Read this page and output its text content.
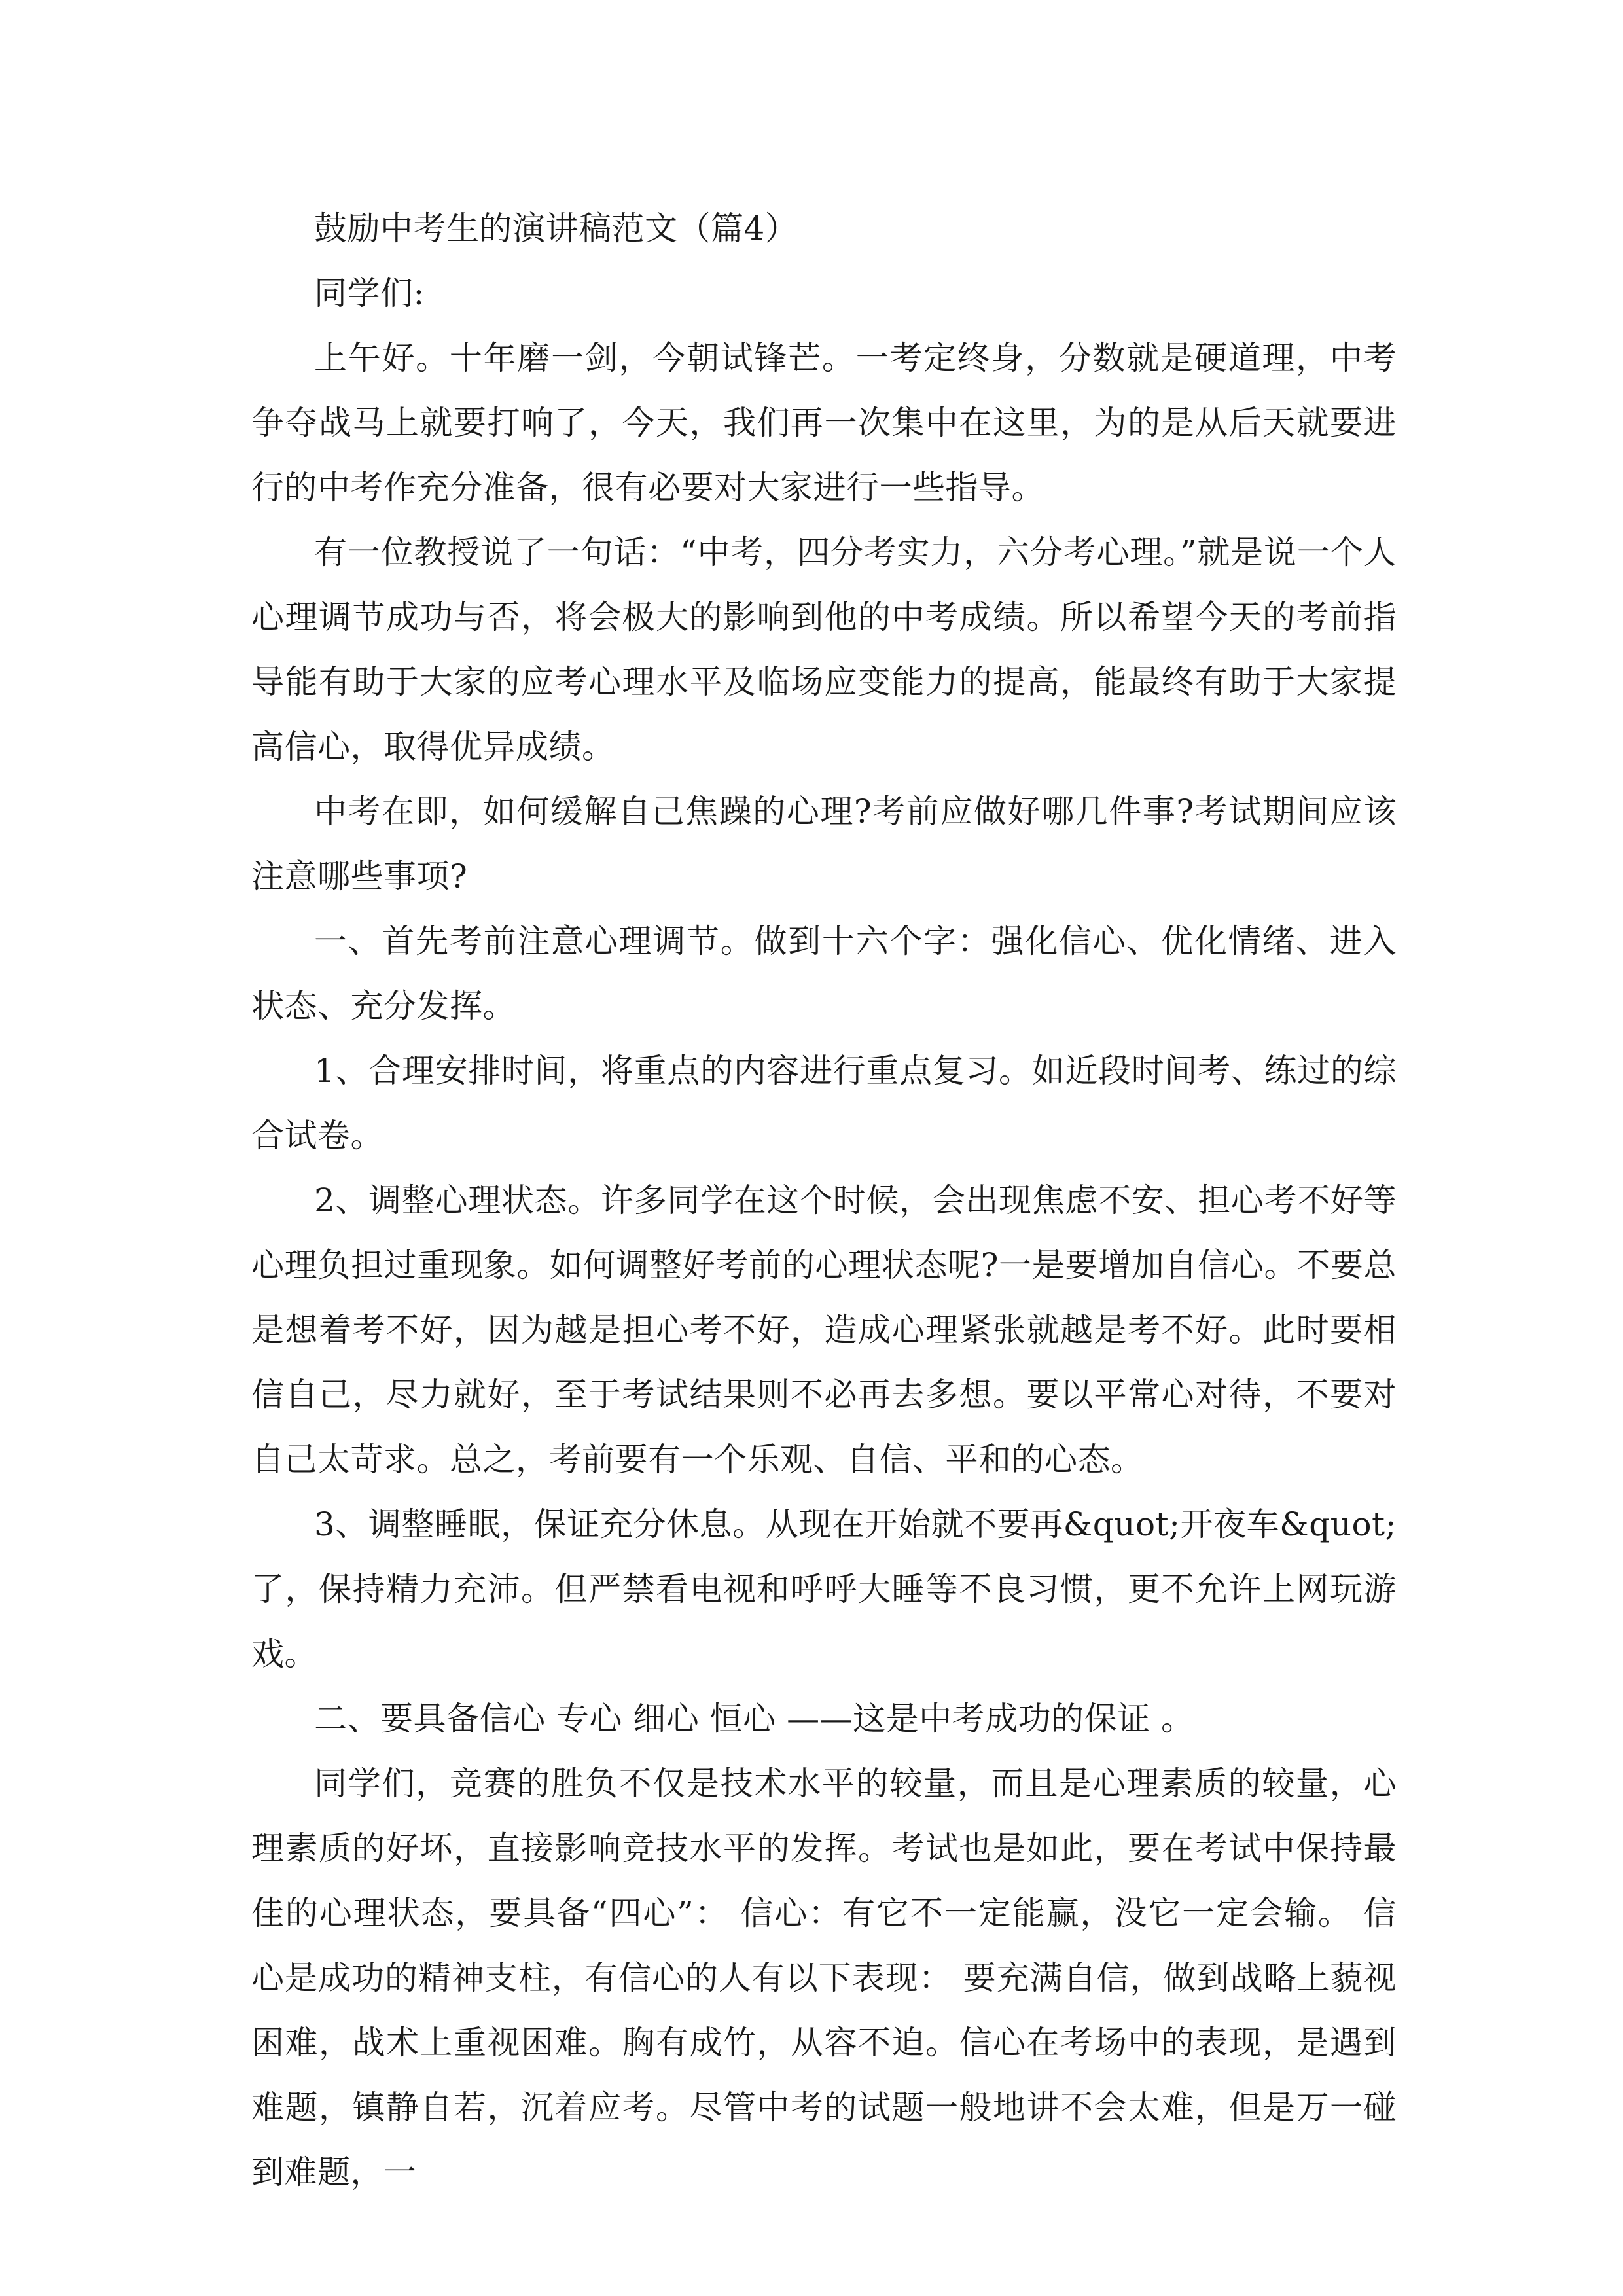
鼓励中考生的演讲稿范文（篇4）

同学们:

上午好。十年磨一剑，今朝试锋芒。一考定终身，分数就是硬道理，中考争夺战马上就要打响了，今天，我们再一次集中在这里，为的是从后天就要进行的中考作充分准备，很有必要对大家进行一些指导。

有一位教授说了一句话：“中考，四分考实力，六分考心理。”就是说一个人心理调节成功与否，将会极大的影响到他的中考成绩。所以希望今天的考前指导能有助于大家的应考心理水平及临场应变能力的提高，能最终有助于大家提高信心，取得优异成绩。

中考在即，如何缓解自己焦躁的心理?考前应做好哪几件事?考试期间应该注意哪些事项?

一、首先考前注意心理调节。做到十六个字：强化信心、优化情绪、进入状态、充分发挥。

1、合理安排时间，将重点的内容进行重点复习。如近段时间考、练过的综合试卷。

2、调整心理状态。许多同学在这个时候，会出现焦虑不安、担心考不好等心理负担过重现象。如何调整好考前的心理状态呢?一是要增加自信心。不要总是想着考不好，因为越是担心考不好，造成心理紧张就越是考不好。此时要相信自己，尽力就好，至于考试结果则不必再去多想。要以平常心对待，不要对自己太苛求。总之，考前要有一个乐观、自信、平和的心态。

3、调整睡眠，保证充分休息。从现在开始就不要再&quot;开夜车&quot;了，保持精力充沛。但严禁看电视和呼呼大睡等不良习惯，更不允许上网玩游戏。

二、要具备信心 专心 细心 恒心 ——这是中考成功的保证 。

同学们，竞赛的胜负不仅是技术水平的较量，而且是心理素质的较量，心理素质的好坏，直接影响竞技水平的发挥。考试也是如此，要在考试中保持最佳的心理状态，要具备“四心”： 信心：有它不一定能赢，没它一定会输。 信心是成功的精神支柱，有信心的人有以下表现： 要充满自信，做到战略上藐视困难，战术上重视困难。胸有成竹，从容不迫。信心在考场中的表现，是遇到难题，镇静自若，沉着应考。尽管中考的试题一般地讲不会太难，但是万一碰到难题，一
